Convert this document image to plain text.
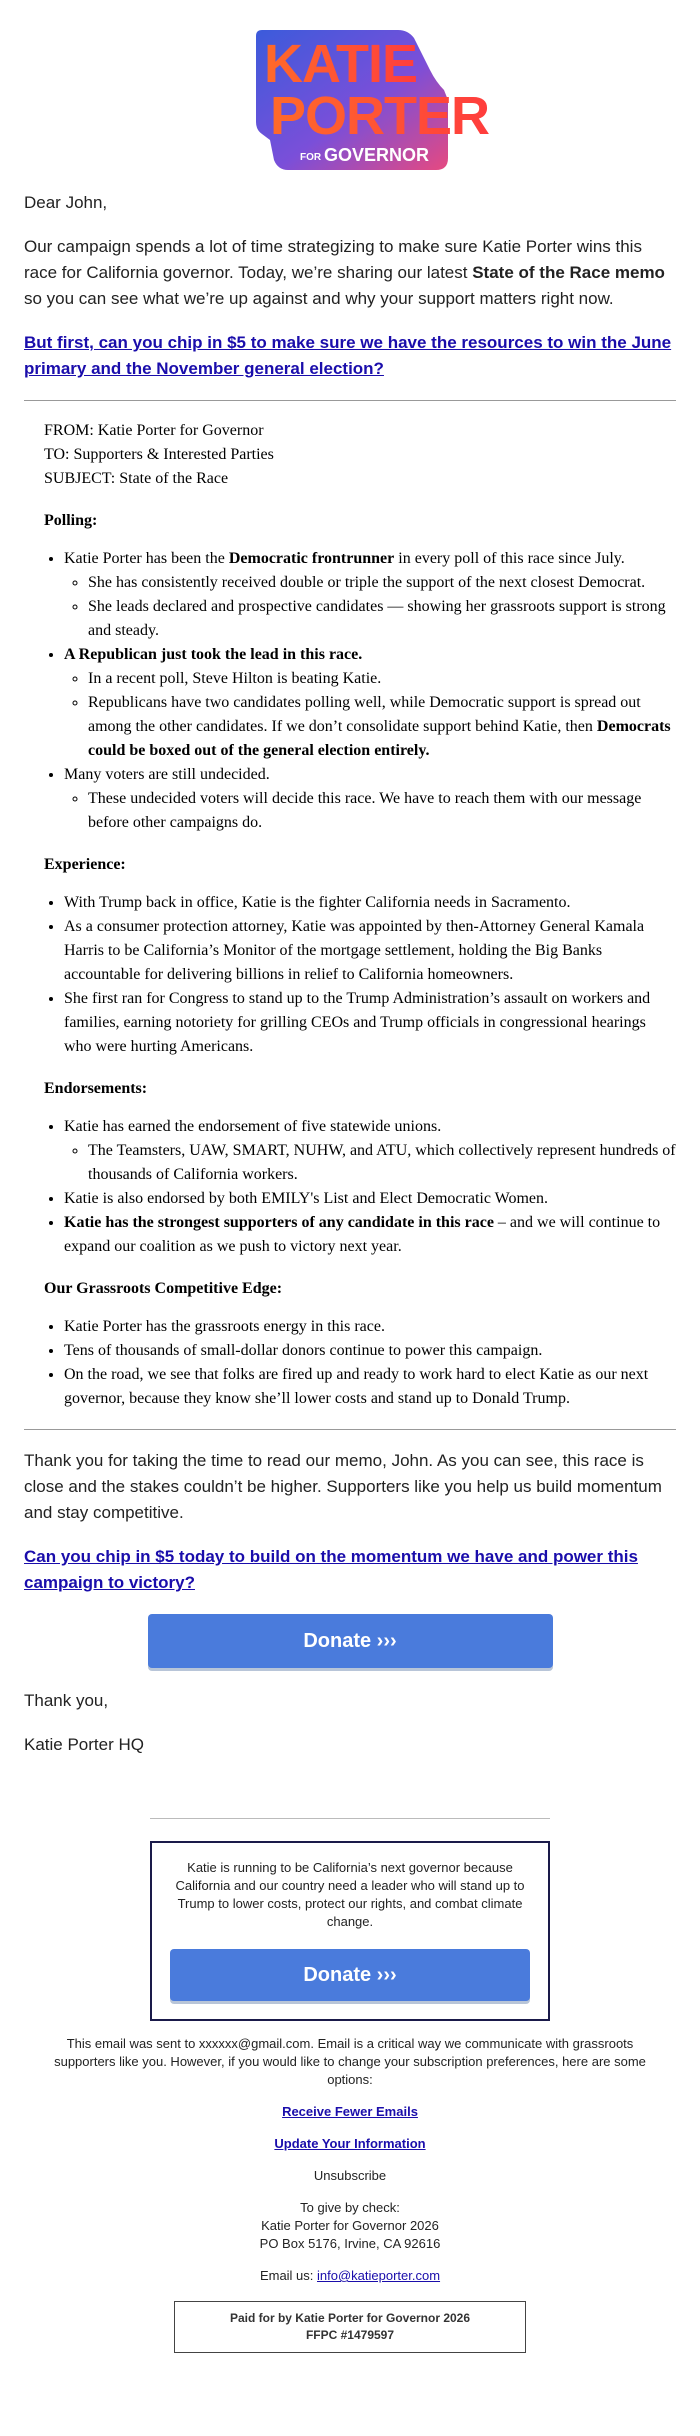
KATIE
PORTER
FOR GOVERNOR

Dear John,

Our campaign spends a lot of time strategizing to make sure Katie Porter wins this race for California governor. Today, we’re sharing our latest State of the Race memo so you can see what we’re up against and why your support matters right now.

But first, can you chip in $5 to make sure we have the resources to win the June primary and the November general election?
FROM: Katie Porter for Governor
TO: Supporters & Interested Parties
SUBJECT: State of the Race
Polling:
• Katie Porter has been the Democratic frontrunner in every poll of this race since July.
◦ She has consistently received double or triple the support of the next closest Democrat.
◦ She leads declared and prospective candidates — showing her grassroots support is strong and steady.
• A Republican just took the lead in this race.
◦ In a recent poll, Steve Hilton is beating Katie.
◦ Republicans have two candidates polling well, while Democratic support is spread out among the other candidates. If we don’t consolidate support behind Katie, then Democrats could be boxed out of the general election entirely.
• Many voters are still undecided.
◦ These undecided voters will decide this race. We have to reach them with our message before other campaigns do.
Experience:
• With Trump back in office, Katie is the fighter California needs in Sacramento.
• As a consumer protection attorney, Katie was appointed by then-Attorney General Kamala Harris to be California’s Monitor of the mortgage settlement, holding the Big Banks accountable for delivering billions in relief to California homeowners.
• She first ran for Congress to stand up to the Trump Administration’s assault on workers and families, earning notoriety for grilling CEOs and Trump officials in congressional hearings who were hurting Americans.
Endorsements:
• Katie has earned the endorsement of five statewide unions.
◦ The Teamsters, UAW, SMART, NUHW, and ATU, which collectively represent hundreds of thousands of California workers.
• Katie is also endorsed by both EMILY's List and Elect Democratic Women.
• Katie has the strongest supporters of any candidate in this race – and we will continue to expand our coalition as we push to victory next year.
Our Grassroots Competitive Edge:
• Katie Porter has the grassroots energy in this race.
• Tens of thousands of small-dollar donors continue to power this campaign.
• On the road, we see that folks are fired up and ready to work hard to elect Katie as our next governor, because they know she’ll lower costs and stand up to Donald Trump.

Thank you for taking the time to read our memo, John. As you can see, this race is close and the stakes couldn’t be higher. Supporters like you help us build momentum and stay competitive.

Can you chip in $5 today to build on the momentum we have and power this campaign to victory?
Donate ›››

Thank you,

Katie Porter HQ

Katie is running to be California’s next governor because California and our country need a leader who will stand up to Trump to lower costs, protect our rights, and combat climate change.

Donate ›››
This email was sent to xxxxxx@gmail.com. Email is a critical way we communicate with grassroots supporters like you. However, if you would like to change your subscription preferences, here are some options:
Receive Fewer Emails
Update Your Information
Unsubscribe
To give by check:
Katie Porter for Governor 2026
PO Box 5176, Irvine, CA 92616
Email us: info@katieporter.com
Paid for by Katie Porter for Governor 2026
FFPC #1479597
